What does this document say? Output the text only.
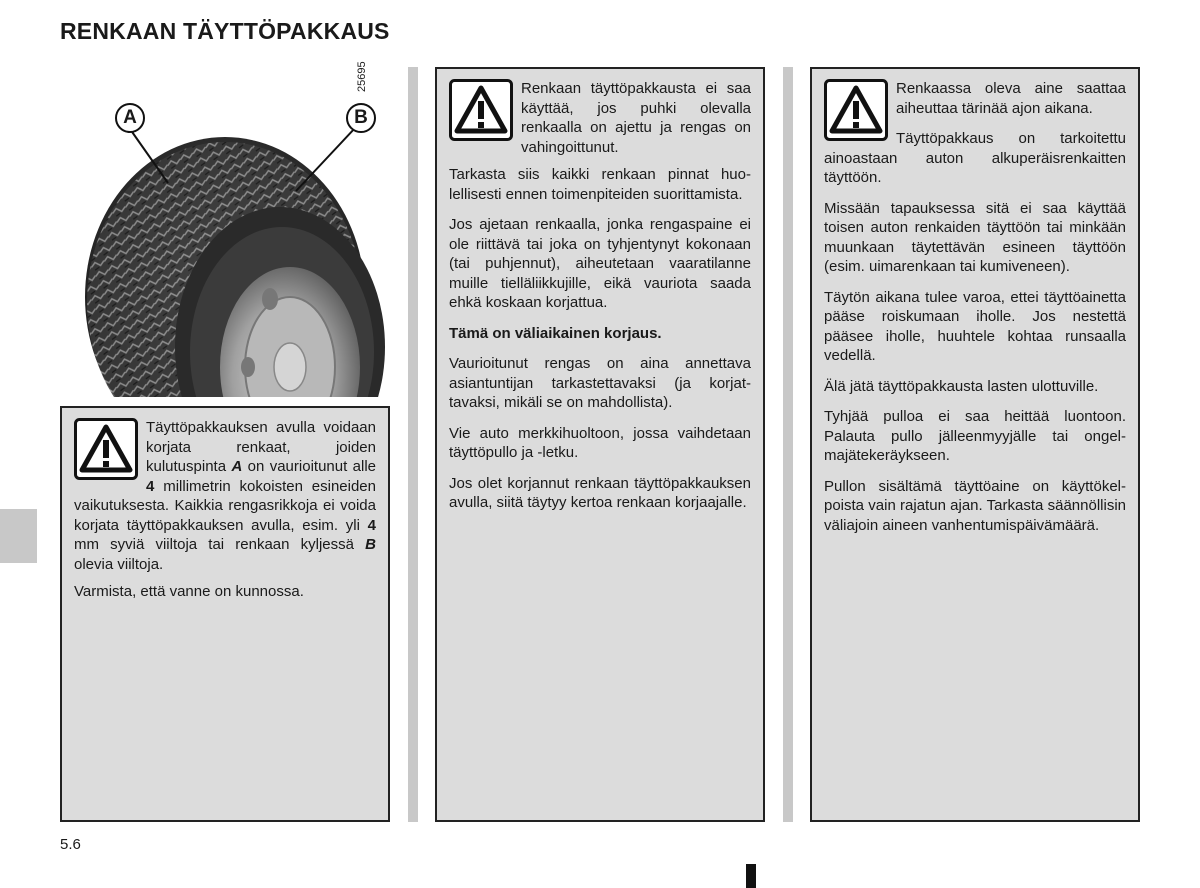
RENKAAN TÄYTTÖPAKKAUS
25695
A	B

Täyttöpakkauksen avulla voidaan korjata renkaat, joiden kulutuspinta A on vaurioitunut alle 4 millimetrin kokoisten esineiden vaikutuksesta. Kaikkia rengasrikkoja ei voida korjata täyttöpakkauksen avulla, esim. yli 4 mm syviä viiltoja tai renkaan kyljessä B olevia viiltoja.

Varmista, että vanne on kunnossa.

Renkaan täyttöpakkausta ei saa käyttää, jos puhki olevalla renkaalla on ajettu ja rengas on vahingoittunut.

Tarkasta siis kaikki renkaan pinnat huolellisesti ennen toimenpiteiden suorittamista.

Jos ajetaan renkaalla, jonka rengaspaine ei ole riittävä tai joka on tyhjentynyt kokonaan (tai puhjennut), aiheutetaan vaaratilanne muille tielläliikkujille, eikä vauriota saada ehkä koskaan korjattua.

Tämä on väliaikainen korjaus.

Vaurioitunut rengas on aina annettava asiantuntijan tarkastettavaksi (ja korjattavaksi, mikäli se on mahdollista).

Vie auto merkkihuoltoon, jossa vaihdetaan täyttöpullo ja -letku.

Jos olet korjannut renkaan täyttöpakkauksen avulla, siitä täytyy kertoa renkaan korjaajalle.

Renkaassa oleva aine saattaa aiheuttaa tärinää ajon aikana.

Täyttöpakkaus on tarkoitettu ainoastaan auton alkuperäisrenkaitten täyttöön.

Missään tapauksessa sitä ei saa käyttää toisen auton renkaiden täyttöön tai minkään muunkaan täytettävän esineen täyttöön (esim. uimarenkaan tai kumiveneen).

Täytön aikana tulee varoa, ettei täyttöainetta pääse roiskumaan iholle. Jos nestettä pääsee iholle, huuhtele kohtaa runsaalla vedellä.

Älä jätä täyttöpakkausta lasten ulottuville.

Tyhjää pulloa ei saa heittää luontoon. Palauta pullo jälleenmyyjälle tai ongelmajätekeräykseen.

Pullon sisältämä täyttöaine on käyttökelpoista vain rajatun ajan. Tarkasta säännöllisin väliajoin aineen vanhentumispäivämäärä.

5.6
